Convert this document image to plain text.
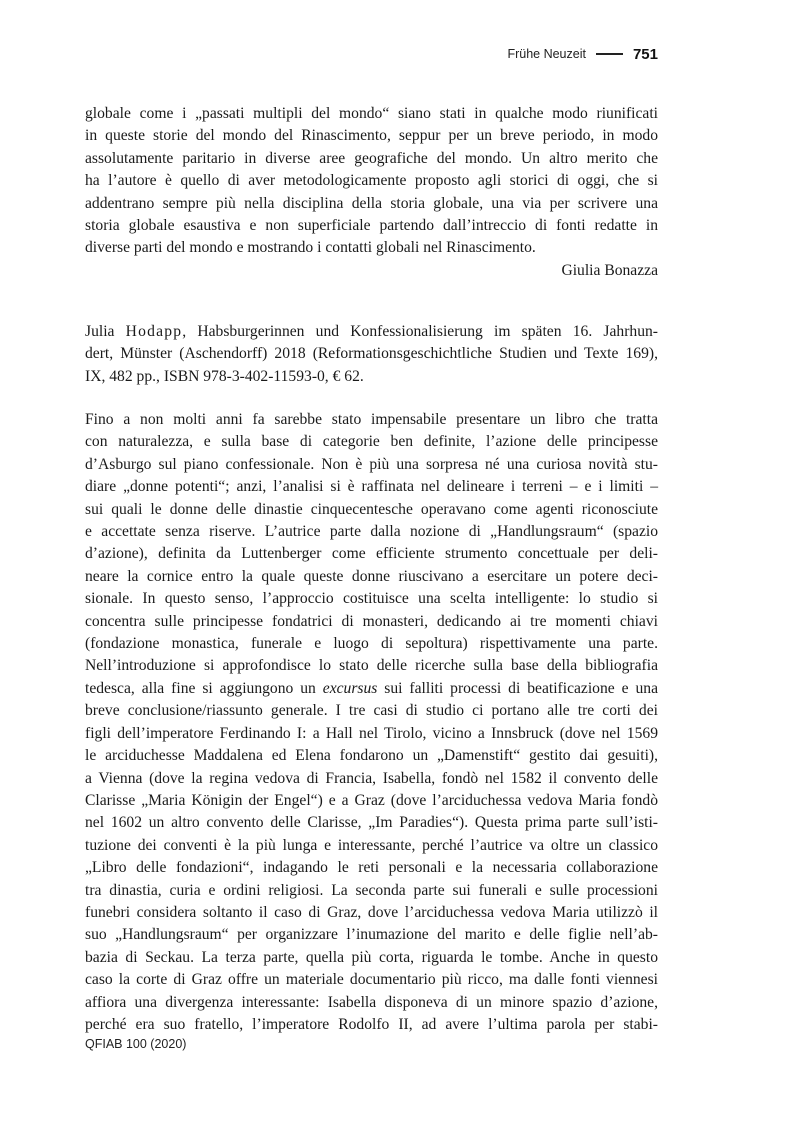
Frühe Neuzeit	751
globale come i „passati multipli del mondo“ siano stati in qualche modo riunificati
in queste storie del mondo del Rinascimento, seppur per un breve periodo, in modo
assolutamente paritario in diverse aree geografiche del mondo. Un altro merito che
ha l’autore è quello di aver metodologicamente proposto agli storici di oggi, che si
addentrano sempre più nella disciplina della storia globale, una via per scrivere una
storia globale esaustiva e non superficiale partendo dall’intreccio di fonti redatte in
diverse parti del mondo e mostrando i contatti globali nel Rinascimento.
Giulia Bonazza
Julia Hodapp, Habsburgerinnen und Konfessionalisierung im späten 16. Jahrhun-
dert, Münster (Aschendorff) 2018 (Reformationsgeschichtliche Studien und Texte 169),
IX, 482 pp., ISBN 978-3-402-11593-0, € 62.
Fino a non molti anni fa sarebbe stato impensabile presentare un libro che tratta
con naturalezza, e sulla base di categorie ben definite, l’azione delle principesse
d’Asburgo sul piano confessionale. Non è più una sorpresa né una curiosa novità stu-
diare „donne potenti“; anzi, l’analisi si è raffinata nel delineare i terreni – e i limiti –
sui quali le donne delle dinastie cinquecentesche operavano come agenti riconosciute
e accettate senza riserve. L’autrice parte dalla nozione di „Handlungsraum“ (spazio
d’azione), definita da Luttenberger come efficiente strumento concettuale per deli-
neare la cornice entro la quale queste donne riuscivano a esercitare un potere deci-
sionale. In questo senso, l’approccio costituisce una scelta intelligente: lo studio si
concentra sulle principesse fondatrici di monasteri, dedicando ai tre momenti chiavi
(fondazione monastica, funerale e luogo di sepoltura) rispettivamente una parte.
Nell’introduzione si approfondisce lo stato delle ricerche sulla base della bibliografia
tedesca, alla fine si aggiungono un excursus sui falliti processi di beatificazione e una
breve conclusione/riassunto generale. I tre casi di studio ci portano alle tre corti dei
figli dell’imperatore Ferdinando I: a Hall nel Tirolo, vicino a Innsbruck (dove nel 1569
le arciduchesse Maddalena ed Elena fondarono un „Damenstift“ gestito dai gesuiti),
a Vienna (dove la regina vedova di Francia, Isabella, fondò nel 1582 il convento delle
Clarisse „Maria Königin der Engel“) e a Graz (dove l’arciduchessa vedova Maria fondò
nel 1602 un altro convento delle Clarisse, „Im Paradies“). Questa prima parte sull’isti-
tuzione dei conventi è la più lunga e interessante, perché l’autrice va oltre un classico
„Libro delle fondazioni“, indagando le reti personali e la necessaria collaborazione
tra dinastia, curia e ordini religiosi. La seconda parte sui funerali e sulle processioni
funebri considera soltanto il caso di Graz, dove l’arciduchessa vedova Maria utilizzò il
suo „Handlungsraum“ per organizzare l’inumazione del marito e delle figlie nell’ab-
bazia di Seckau. La terza parte, quella più corta, riguarda le tombe. Anche in questo
caso la corte di Graz offre un materiale documentario più ricco, ma dalle fonti viennesi
affiora una divergenza interessante: Isabella disponeva di un minore spazio d’azione,
perché era suo fratello, l’imperatore Rodolfo II, ad avere l’ultima parola per stabi-
QFIAB 100 (2020)
